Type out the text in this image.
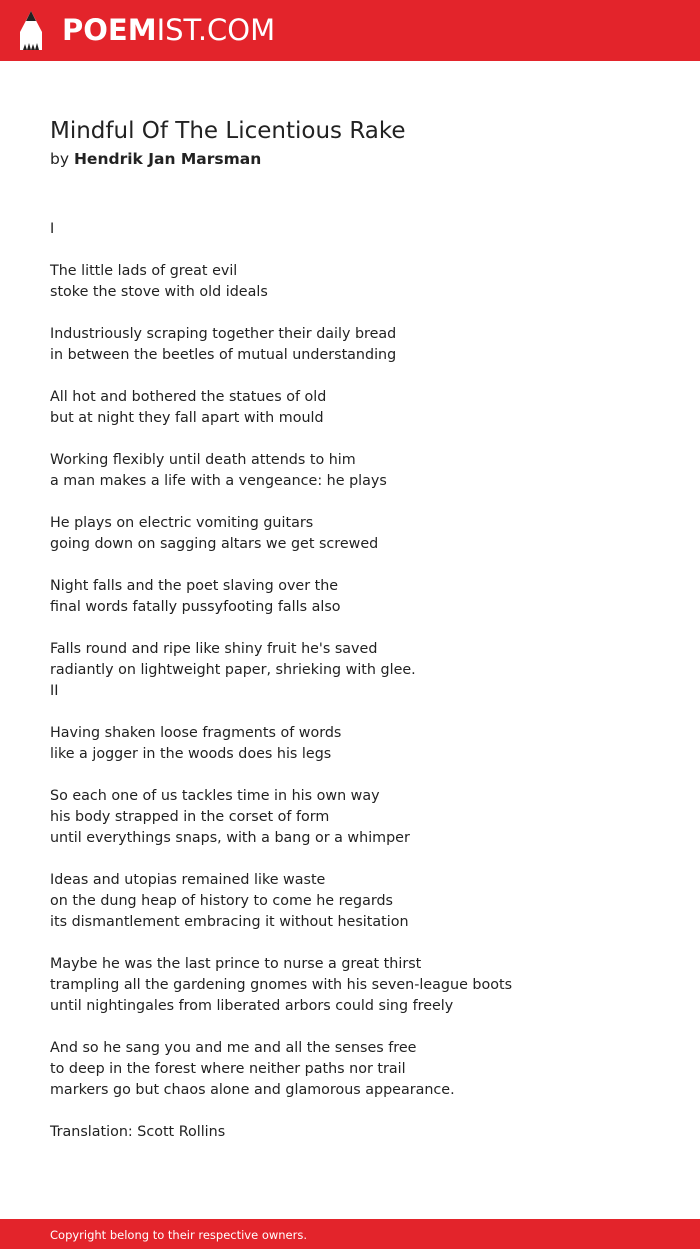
POEMIST.COM
Mindful Of The Licentious Rake
by Hendrik Jan Marsman
I
The little lads of great evil
stoke the stove with old ideals
Industriously scraping together their daily bread
in between the beetles of mutual understanding
All hot and bothered the statues of old
but at night they fall apart with mould
Working flexibly until death attends to him
a man makes a life with a vengeance: he plays
He plays on electric vomiting guitars
going down on sagging altars we get screwed
Night falls and the poet slaving over the
final words fatally pussyfooting falls also
Falls round and ripe like shiny fruit he's saved
radiantly on lightweight paper, shrieking with glee.
II
Having shaken loose fragments of words
like a jogger in the woods does his legs
So each one of us tackles time in his own way
his body strapped in the corset of form
until everythings snaps, with a bang or a whimper
Ideas and utopias remained like waste
on the dung heap of history to come he regards
its dismantlement embracing it without hesitation
Maybe he was the last prince to nurse a great thirst
trampling all the gardening gnomes with his seven-league boots
until nightingales from liberated arbors could sing freely
And so he sang you and me and all the senses free
to deep in the forest where neither paths nor trail
markers go but chaos alone and glamorous appearance.
Translation: Scott Rollins
Copyright belong to their respective owners.
